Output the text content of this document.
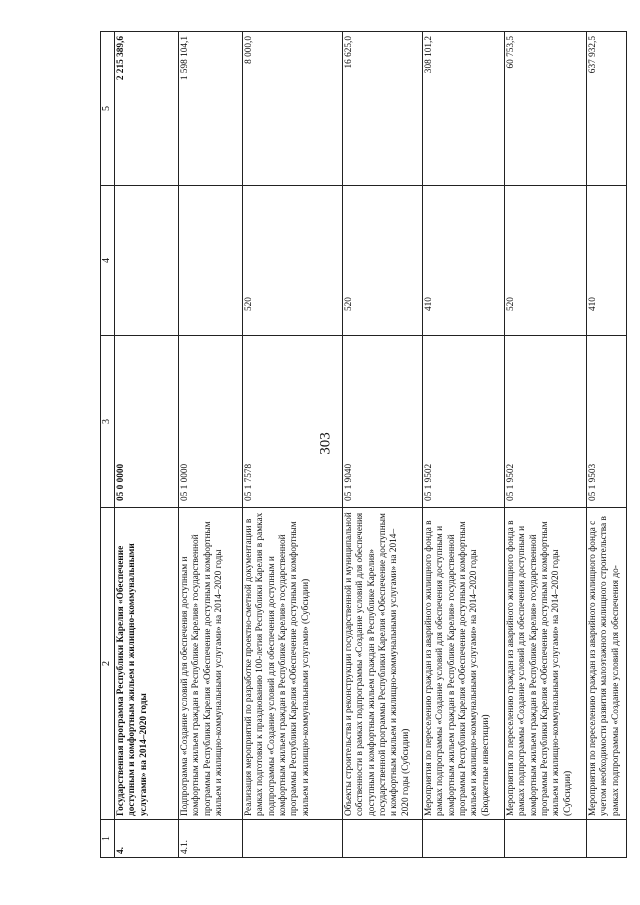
303
1	2	3	4	5
4.	Государственная программа Республики Карелия «Обеспечение доступным и комфортным жильем и жилищно-коммунальными услугами» на 2014–2020 годы	05 0 0000		2 215 389,6
4.1.	Подпрограмма «Создание условий для обеспечения доступным и комфортным жильем граждан в Республике Карелия» государственной программы Республики Карелия «Обеспечение доступным и комфортным жильем и жилищно-коммунальными услугами» на 2014–2020 годы	05 1 0000		1 598 104,1
	Реализация мероприятий по разработке проектно-сметной документации в рамках подготовки к празднованию 100-летия Республики Карелия в рамках подпрограммы «Создание условий для обеспечения доступным и комфортным жильем граждан в Республике Карелия» государственной программы Республики Карелия «Обеспечение доступным и комфортным жильем и жилищно-коммунальными услугами» (Субсидии)	05 1 7578	520	8 000,0
	Объекты строительства и реконструкции государственной и муниципальной собственности в рамках подпрограммы «Создание условий для обеспечения доступным и комфортным жильем граждан в Республике Карелия» государственной программы Республики Карелия «Обеспечение доступным и комфортным жильем и жилищно-коммунальными услугами» на 2014–2020 годы (Субсидии)	05 1 9040	520	16 625,0
	Мероприятия по переселению граждан из аварийного жилищного фонда в рамках подпрограммы «Создание условий для обеспечения доступным и комфортным жильем граждан в Республике Карелия» государственной программы Республики Карелия «Обеспечение доступным и комфортным жильем и жилищно-коммунальными услугами» на 2014–2020 годы (Бюджетные инвестиции)	05 1 9502	410	308 101,2
	Мероприятия по переселению граждан из аварийного жилищного фонда в рамках подпрограммы «Создание условий для обеспечения доступным и комфортным жильем граждан в Республике Карелия» государственной программы Республики Карелия «Обеспечение доступным и комфортным жильем и жилищно-коммунальными услугами» на 2014–2020 годы (Субсидии)	05 1 9502	520	60 753,5
	Мероприятия по переселению граждан из аварийного жилищного фонда с учетом необходимости развития малоэтажного жилищного строительства в рамках подпрограммы «Создание условий для обеспечения до-	05 1 9503	410	637 932,5
